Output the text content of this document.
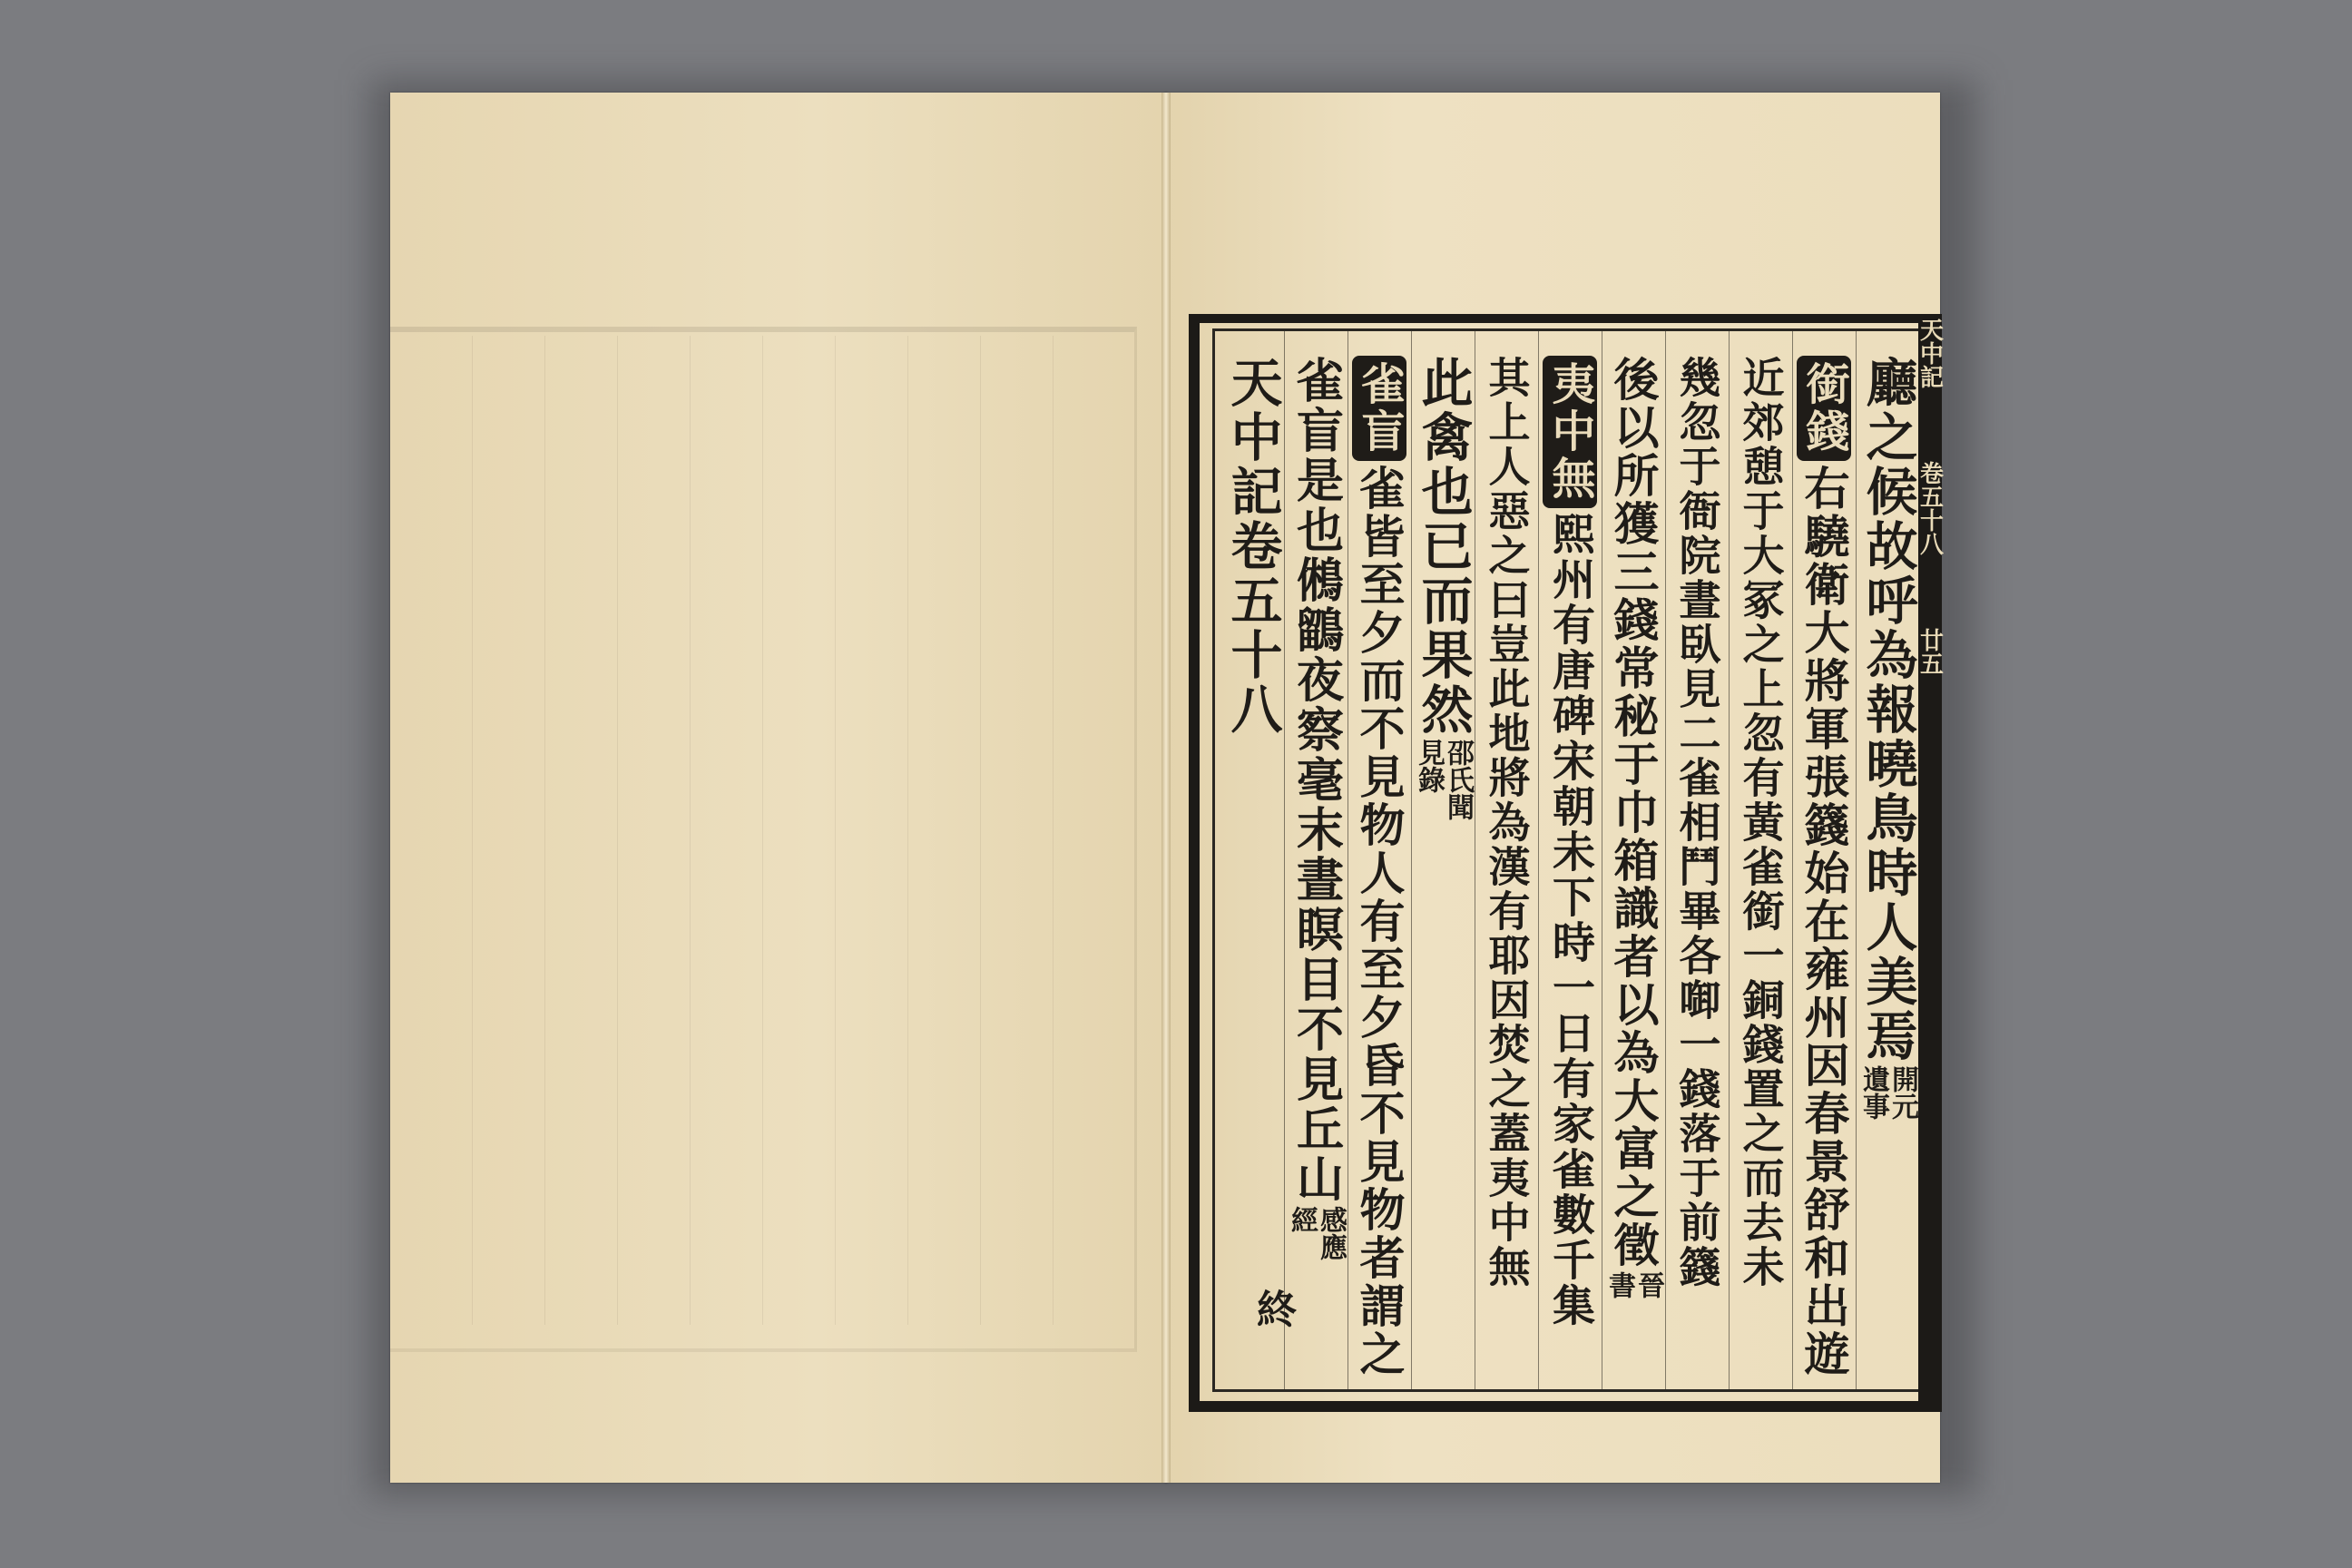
廳之候故呼為報曉鳥時人美焉
開元
遺事
銜錢
右驍衛大將軍張籛始在雍州因春景舒和出遊
近郊憩于大冢之上忽有黃雀銜一銅錢置之而去未
幾忽于衙院晝臥見二雀相鬥畢各啣一錢落于前籛
後以所獲三錢常秘于巾箱識者以為大富之徵
晉
書
夷中無
熙州有唐碑宋朝未下時一日有家雀數千集
其上人惡之曰豈此地將為漢有耶因焚之蓋夷中無
此禽也已而果然
邵氏聞
見錄
雀盲
雀皆至夕而不見物人有至夕昏不見物者謂之
雀盲是也鵂鶹夜察毫末晝瞑目不見丘山
感應
經
天中記卷五十八
終
天中記
卷五十八
廿五
